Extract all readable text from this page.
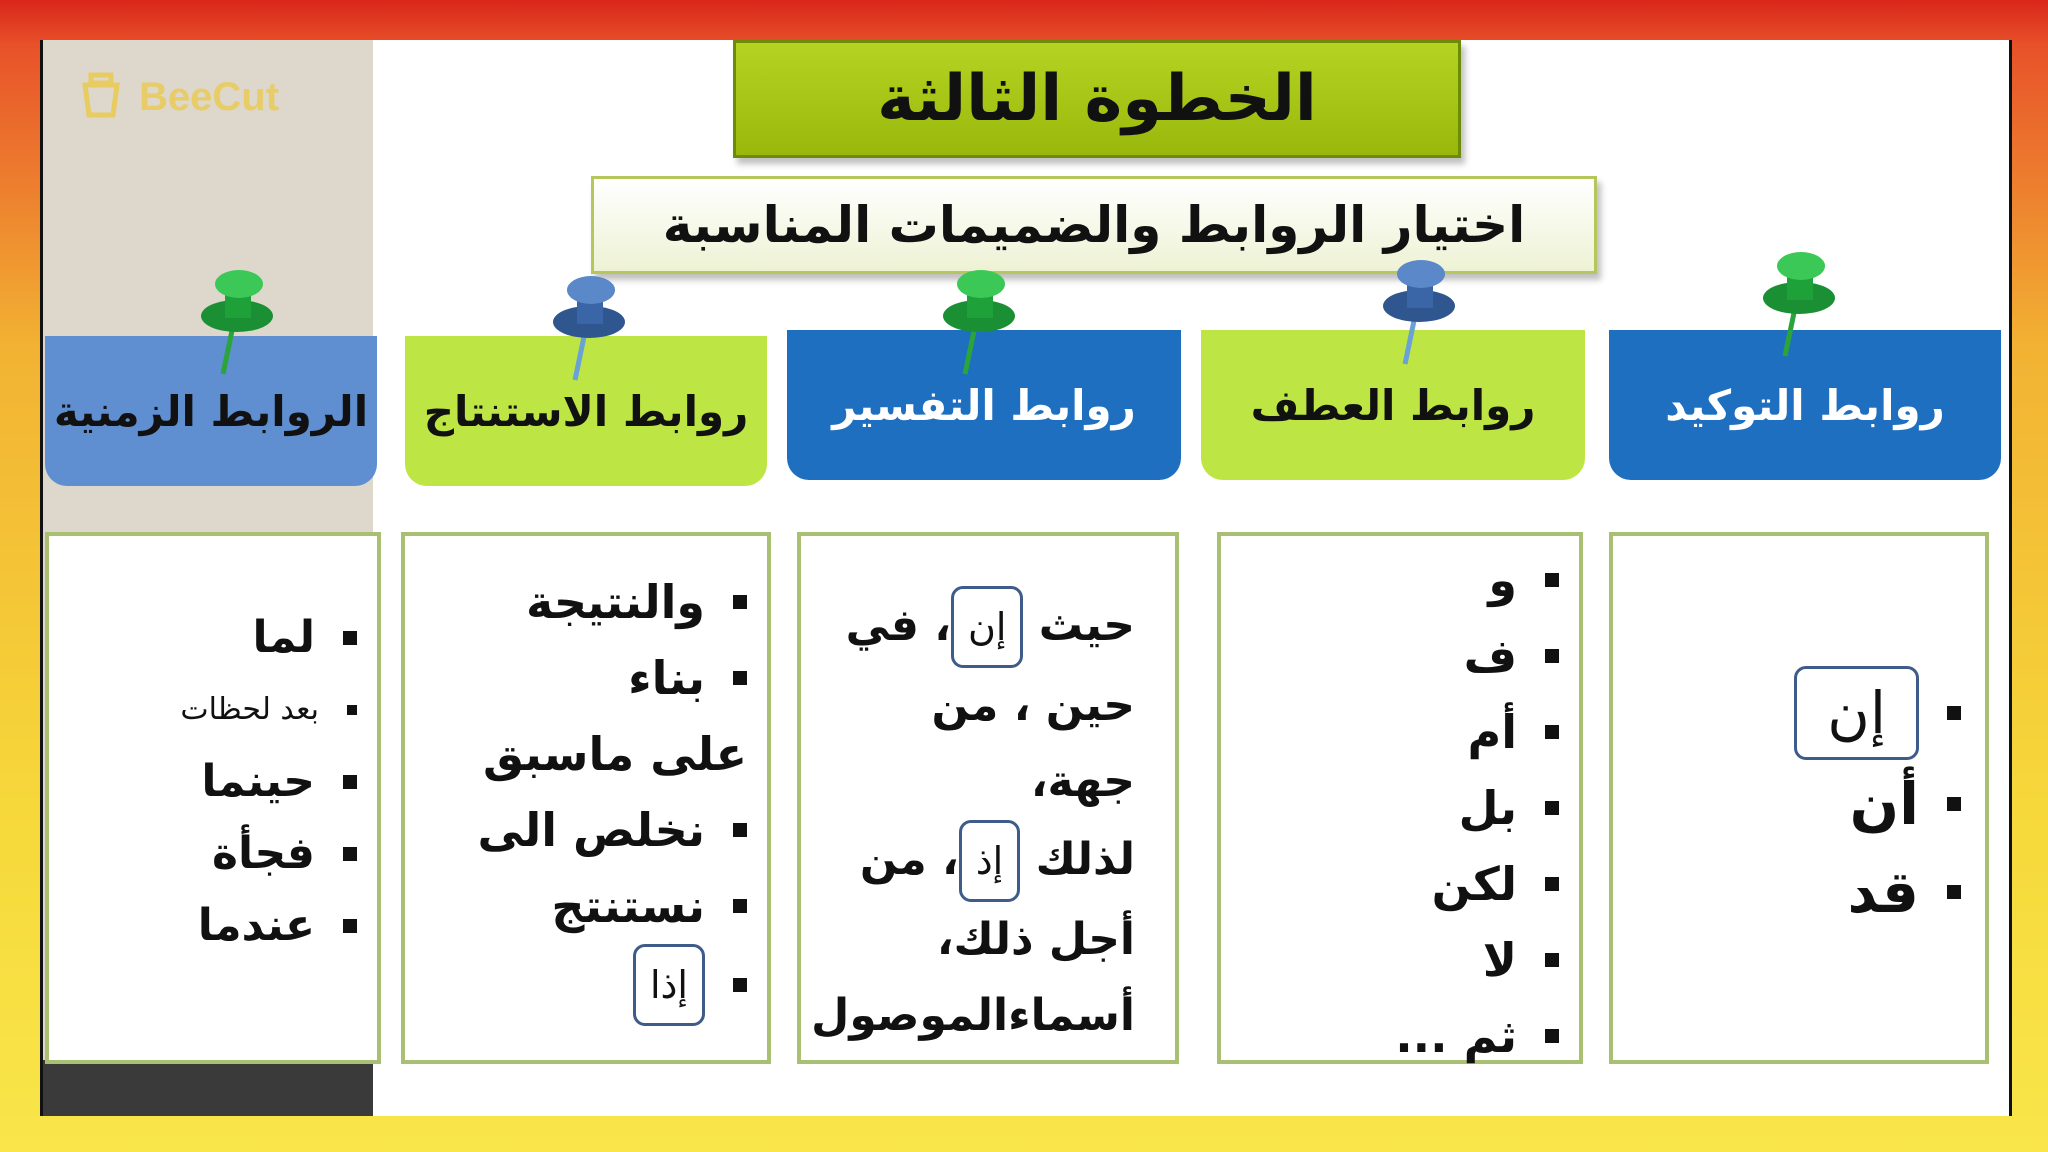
BeeCut	الخطوة الثالثة
اختيار الروابط والضميمات المناسبة
روابط التوكيد
روابط العطف
روابط التفسير
روابط الاستنتاج
الروابط الزمنية
إن
أن
قد
و
ف
أم
بل
لكن
لا
ثم ...
حيث إن، في
حين ، من جهة،
لذلك إذ، من
أجل ذلك،
أسماءالموصول
والنتيجة
بناء
على ماسبق
نخلص الى
نستنتج
إذا
لما
بعد لحظات
حينما
فجأة
عندما
